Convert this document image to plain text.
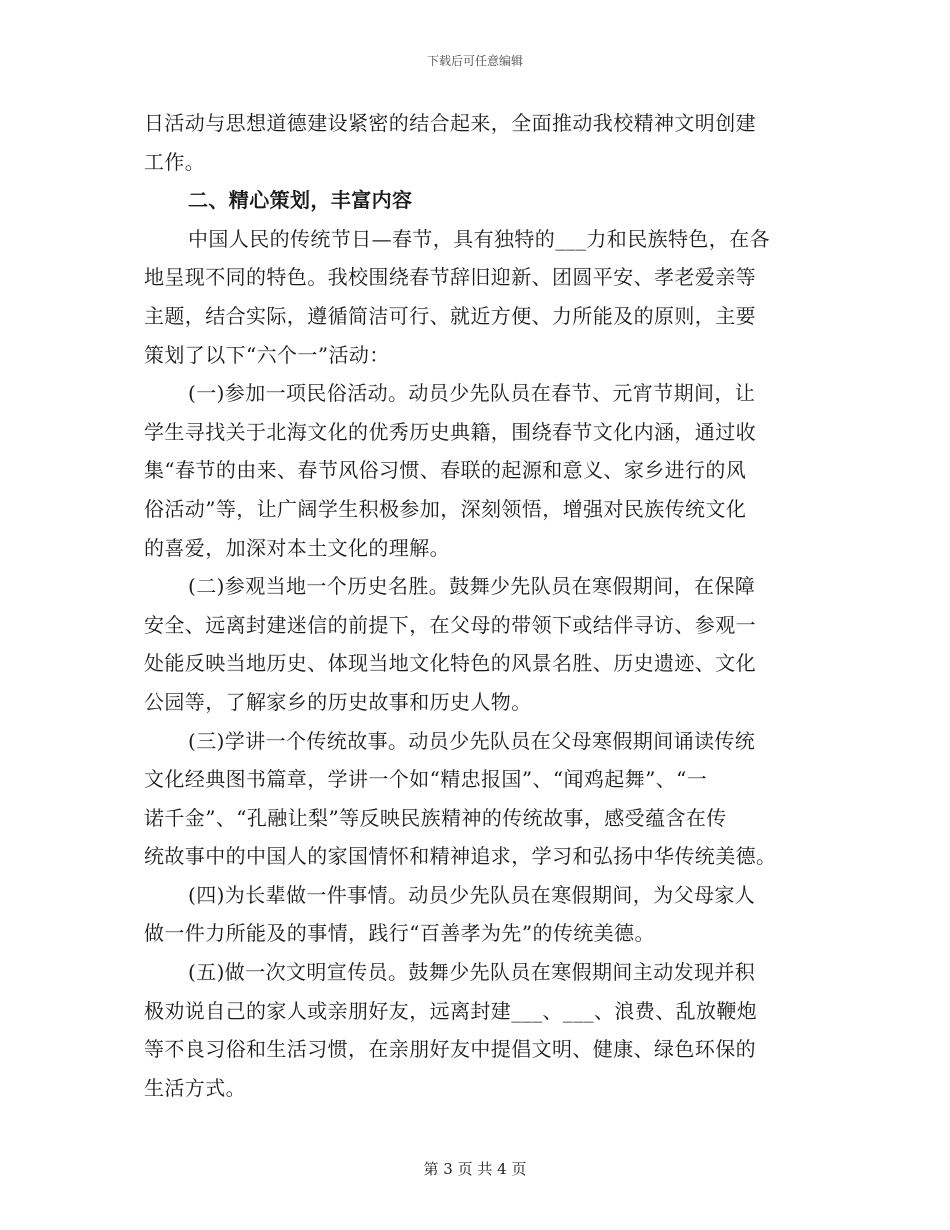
下载后可任意编辑
日活动与思想道德建设紧密的结合起来，全面推动我校精神文明创建
工作。
二、精心策划，丰富内容
中国人民的传统节日—春节，具有独特的___力和民族特色，在各
地呈现不同的特色。我校围绕春节辞旧迎新、团圆平安、孝老爱亲等
主题，结合实际，遵循简洁可行、就近方便、力所能及的原则，主要
策划了以下“六个一”活动：
(一)参加一项民俗活动。动员少先队员在春节、元宵节期间，让
学生寻找关于北海文化的优秀历史典籍，围绕春节文化内涵，通过收
集“春节的由来、春节风俗习惯、春联的起源和意义、家乡进行的风
俗活动”等，让广阔学生积极参加，深刻领悟，增强对民族传统文化
的喜爱，加深对本土文化的理解。
(二)参观当地一个历史名胜。鼓舞少先队员在寒假期间，在保障
安全、远离封建迷信的前提下，在父母的带领下或结伴寻访、参观一
处能反映当地历史、体现当地文化特色的风景名胜、历史遗迹、文化
公园等，了解家乡的历史故事和历史人物。
(三)学讲一个传统故事。动员少先队员在父母寒假期间诵读传统
文化经典图书篇章，学讲一个如“精忠报国”、“闻鸡起舞”、“一
诺千金”、“孔融让梨”等反映民族精神的传统故事，感受蕴含在传
统故事中的中国人的家国情怀和精神追求，学习和弘扬中华传统美德。
(四)为长辈做一件事情。动员少先队员在寒假期间，为父母家人
做一件力所能及的事情，践行“百善孝为先”的传统美德。
(五)做一次文明宣传员。鼓舞少先队员在寒假期间主动发现并积
极劝说自己的家人或亲朋好友，远离封建___、___、浪费、乱放鞭炮
等不良习俗和生活习惯，在亲朋好友中提倡文明、健康、绿色环保的
生活方式。
第 3 页 共 4 页
